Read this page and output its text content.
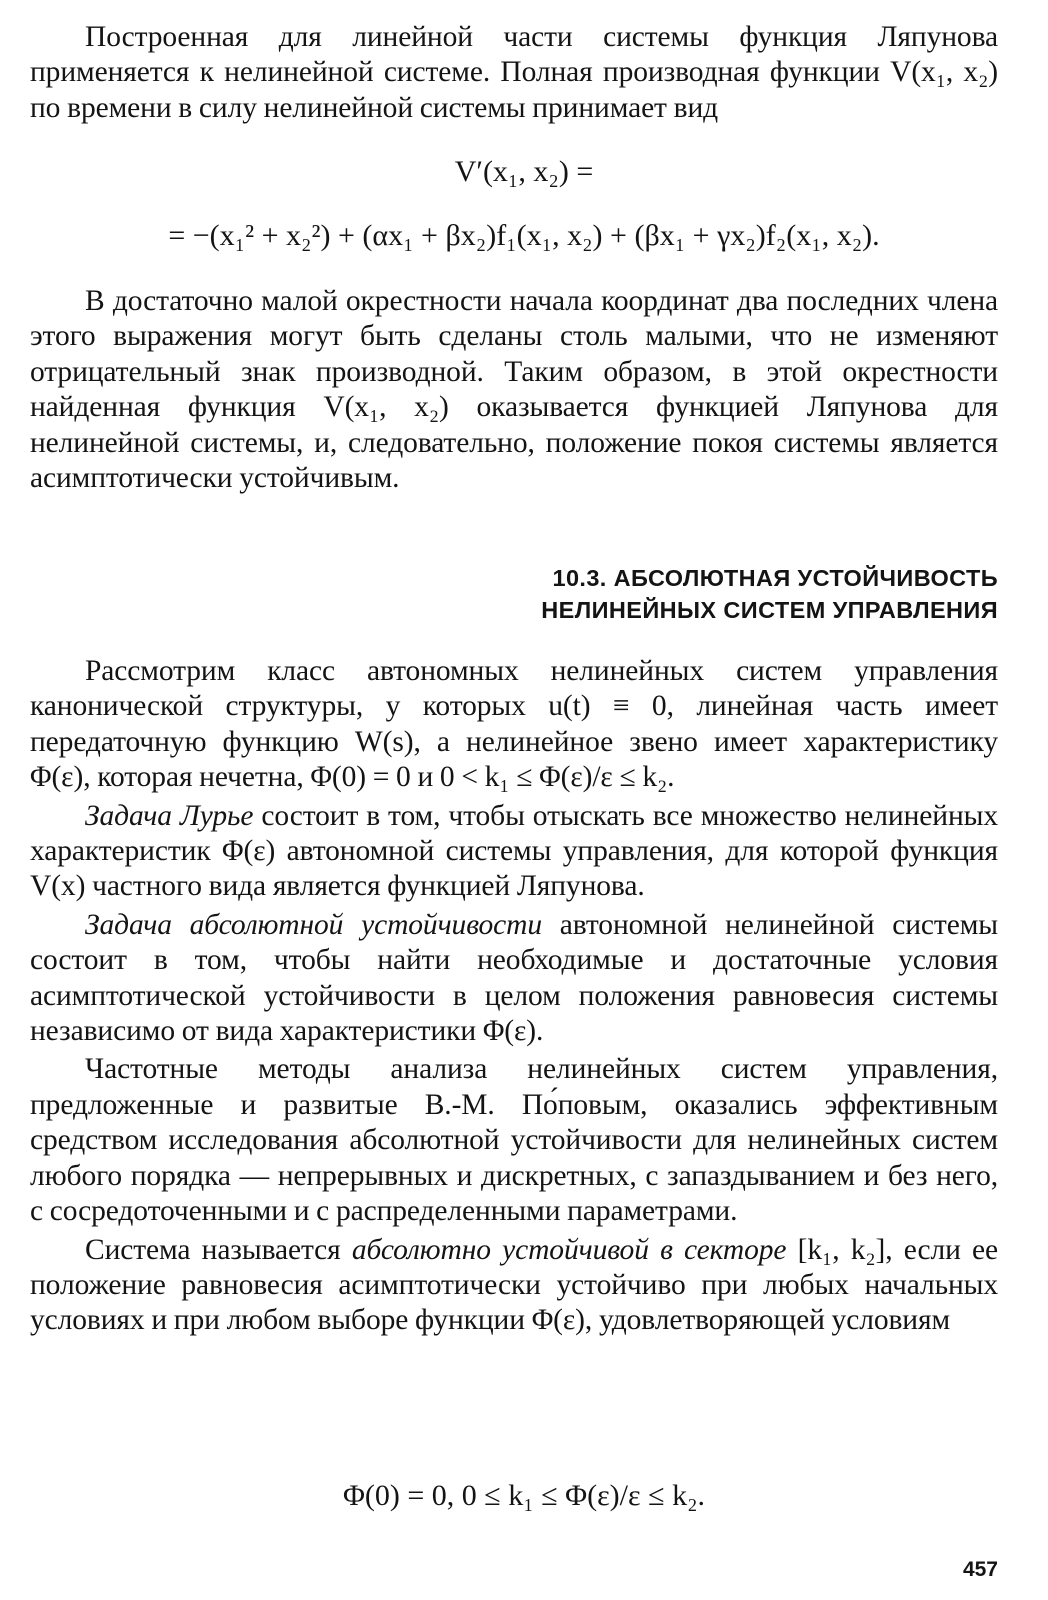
Построенная для линейной части системы функция Ляпунова применяется к нелинейной системе. Полная производная функции V(x₁, x₂) по времени в силу нелинейной системы принимает вид

V′(x₁, x₂) =
= −(x₁² + x₂²) + (αx₁ + βx₂)f₁(x₁, x₂) + (βx₁ + γx₂)f₂(x₁, x₂).

В достаточно малой окрестности начала координат два последних члена этого выражения могут быть сделаны столь малыми, что не изменяют отрицательный знак производной. Таким образом, в этой окрестности найденная функция V(x₁, x₂) оказывается функцией Ляпунова для нелинейной системы, и, следовательно, положение покоя системы является асимптотически устойчивым.

10.3. АБСОЛЮТНАЯ УСТОЙЧИВОСТЬ
НЕЛИНЕЙНЫХ СИСТЕМ УПРАВЛЕНИЯ

Рассмотрим класс автономных нелинейных систем управления канонической структуры, у которых u(t) ≡ 0, линейная часть имеет передаточную функцию W(s), а нелинейное звено имеет характеристику Φ(ε), которая нечетна, Φ(0) = 0 и 0 < k₁ ≤ Φ(ε)/ε ≤ k₂.

Задача Лурье состоит в том, чтобы отыскать все множество нелинейных характеристик Φ(ε) автономной системы управления, для которой функция V(x) частного вида является функцией Ляпунова.

Задача абсолютной устойчивости автономной нелинейной системы состоит в том, чтобы найти необходимые и достаточные условия асимптотической устойчивости в целом положения равновесия системы независимо от вида характеристики Φ(ε).

Частотные методы анализа нелинейных систем управления, предложенные и развитые В.-М. По́повым, оказались эффективным средством исследования абсолютной устойчивости для нелинейных систем любого порядка — непрерывных и дискретных, с запаздыванием и без него, с сосредоточенными и с распределенными параметрами.

Система называется абсолютно устойчивой в секторе [k₁, k₂], если ее положение равновесия асимптотически устойчиво при любых начальных условиях и при любом выборе функции Φ(ε), удовлетворяющей условиям

Φ(0) = 0, 0 ≤ k₁ ≤ Φ(ε)/ε ≤ k₂.
457
